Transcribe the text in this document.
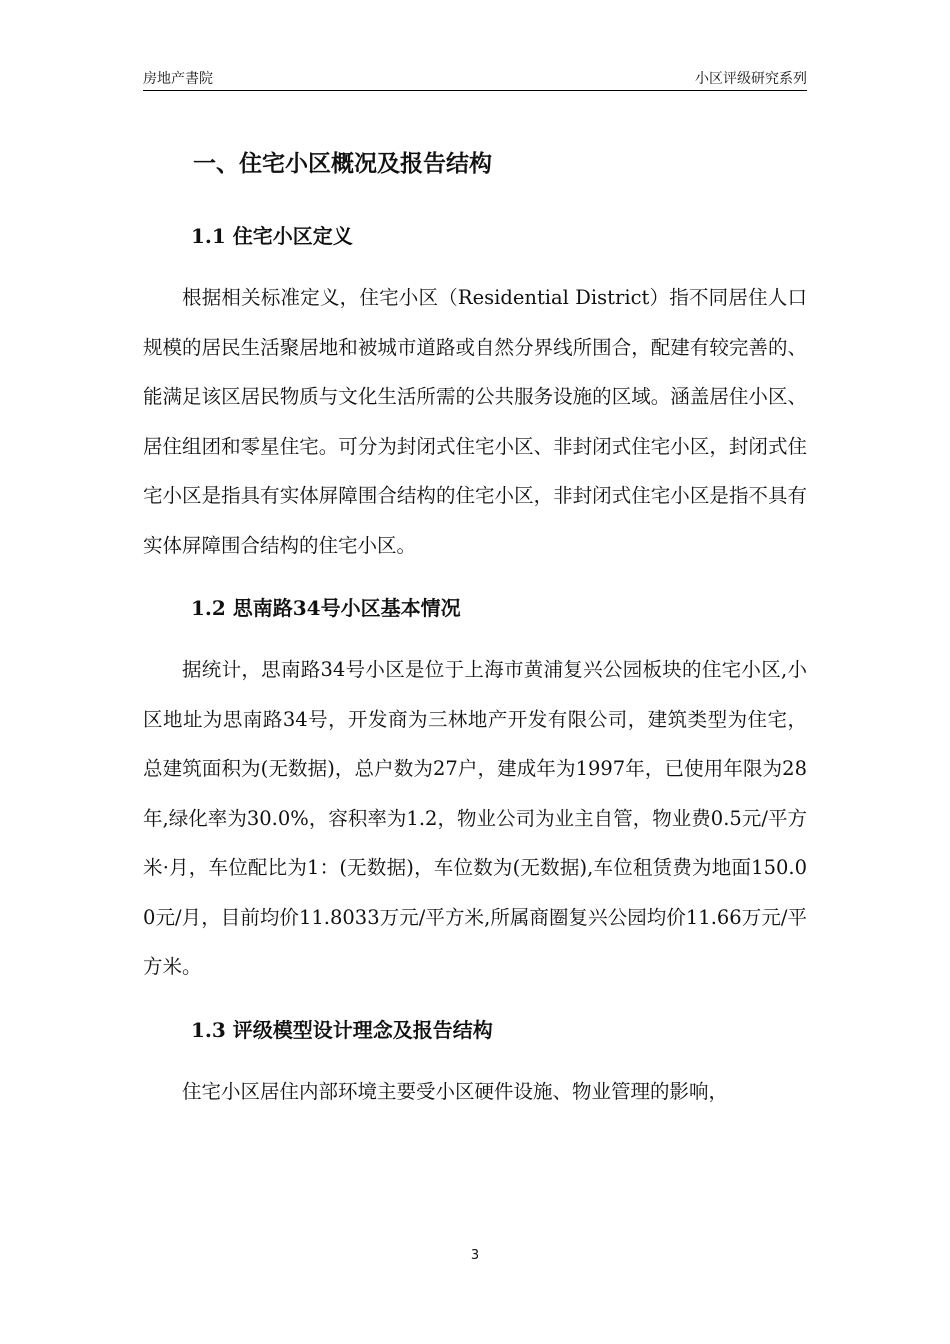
房地产書院	小区评级研究系列
一、住宅小区概况及报告结构
1.1 住宅小区定义

根据相关标准定义，住宅小区（Residential District）指不同居住人口规模的居民生活聚居地和被城市道路或自然分界线所围合，配建有较完善的、能满足该区居民物质与文化生活所需的公共服务设施的区域。涵盖居住小区、居住组团和零星住宅。可分为封闭式住宅小区、非封闭式住宅小区，封闭式住宅小区是指具有实体屏障围合结构的住宅小区，非封闭式住宅小区是指不具有实体屏障围合结构的住宅小区。

1.2 思南路34号小区基本情况

据统计，思南路34号小区是位于上海市黄浦复兴公园板块的住宅小区,小区地址为思南路34号，开发商为三林地产开发有限公司，建筑类型为住宅，总建筑面积为(无数据)，总户数为27户，建成年为1997年，已使用年限为28年,绿化率为30.0%，容积率为1.2，物业公司为业主自管，物业费0.5元/平方米·月，车位配比为1：(无数据)，车位数为(无数据),车位租赁费为地面150.00元/月，目前均价11.8033万元/平方米,所属商圈复兴公园均价11.66万元/平方米。

1.3 评级模型设计理念及报告结构

住宅小区居住内部环境主要受小区硬件设施、物业管理的影响，

3
